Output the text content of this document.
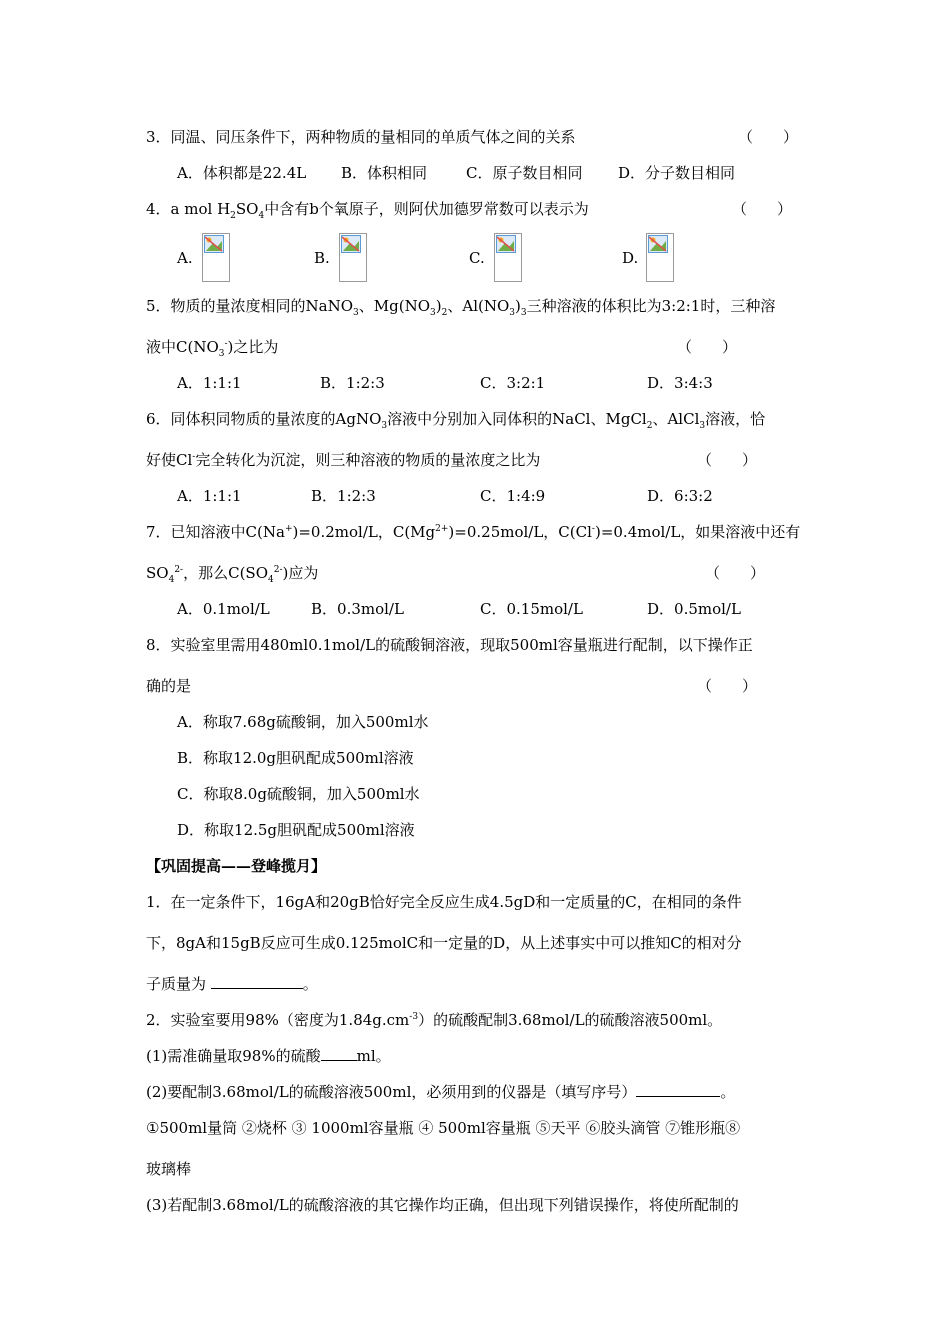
3．同温、同压条件下，两种物质的量相同的单质气体之间的关系	（　　）
A．体积都是22.4L B．体积相同	C．原子数目相同 D．分子数目相同
4．a mol $H_2SO_4$中含有b个氧原子，则阿伏加德罗常数可以表示为	（　　）
A.	B.	C.	D.
5．物质的量浓度相同的NaNO$_3$、$Mg(NO_3)_2$、$Al(NO_3)_3$三种溶液的体积比为3:2:1时，三种溶
液中$C(NO_3^-)$之比为	（　　）
A．1:1:1	B．1:2:3	C．3:2:1	D．3:4:3
6．同体积同物质的量浓度的AgNO$_3$溶液中分别加入同体积的NaCl、MgCl$_2$、AlCl$_3$溶液，恰
好使Cl-完全转化为沉淀，则三种溶液的物质的量浓度之比为	（　　）
A．1:1:1	B．1:2:3	C．1:4:9	D．6:3:2
7．已知溶液中C(Na+)=0.2mol/L，$C(Mg^{2+})=0.25mol/L$，C(Cl-)=0.4mol/L，如果溶液中还有
$SO_4^{2-}$，那么$C(SO_4^{2-})$应为	（　　）
A．0.1mol/L	B．0.3mol/L	C．0.15mol/L	D．0.5mol/L
8．实验室里需用480ml0.1mol/L的硫酸铜溶液，现取500ml容量瓶进行配制，以下操作正
确的是	（　　）
A．称取7.68g硫酸铜，加入500ml水
B．称取12.0g胆矾配成500ml溶液
C．称取8.0g硫酸铜，加入500ml水
D．称取12.5g胆矾配成500ml溶液
【巩固提高——登峰揽月】
1．在一定条件下，16gA和20gB恰好完全反应生成4.5gD和一定质量的C，在相同的条件
下，8gA和15gB反应可生成0.125molC和一定量的D，从上述事实中可以推知C的相对分
子质量为	。
2．实验室要用98%（密度为$1.84g.cm^{-3}$）的硫酸配制3.68mol/L的硫酸溶液500ml。
(1)需准确量取98%的硫酸 ml。
(2)要配制3.68mol/L的硫酸溶液500ml，必须用到的仪器是（填写序号）	。
①500ml量筒 ②烧杯 ③ 1000ml容量瓶 ④ 500ml容量瓶 ⑤天平 ⑥胶头滴管 ⑦锥形瓶⑧
玻璃棒
(3)若配制3.68mol/L的硫酸溶液的其它操作均正确，但出现下列错误操作，将使所配制的
